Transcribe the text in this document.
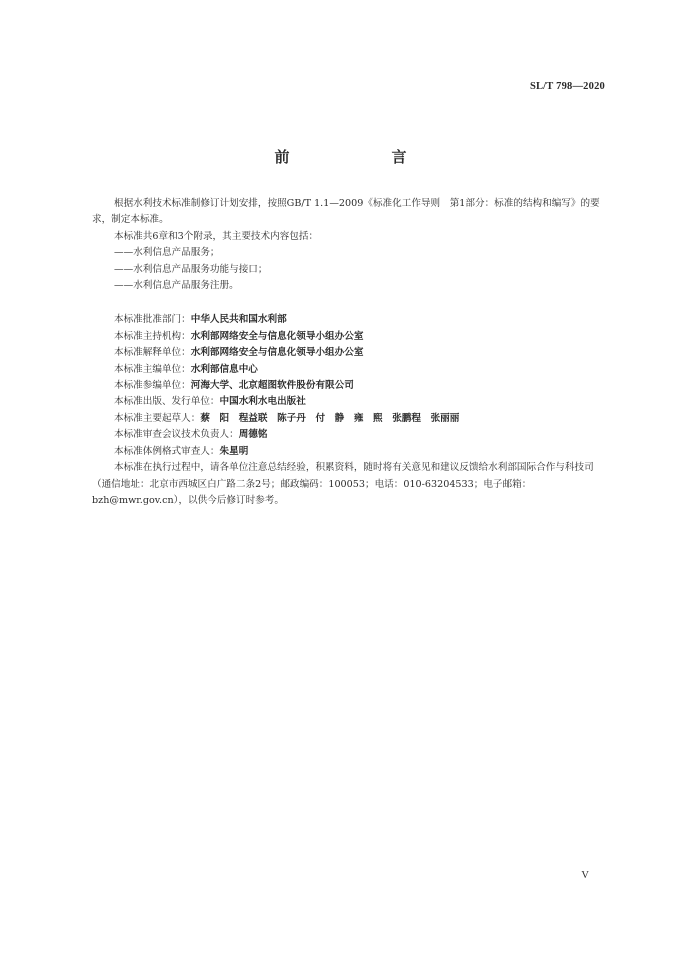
SL/T 798—2020
前　　言

根据水利技术标准制修订计划安排，按照GB/T 1.1—2009《标准化工作导则　第1部分：标准的结构和编写》的要求，制定本标准。

本标准共6章和3个附录，其主要技术内容包括：

——水利信息产品服务；

——水利信息产品服务功能与接口；

——水利信息产品服务注册。

本标准批准部门：中华人民共和国水利部

本标准主持机构：水利部网络安全与信息化领导小组办公室

本标准解释单位：水利部网络安全与信息化领导小组办公室

本标准主编单位：水利部信息中心

本标准参编单位：河海大学、北京超图软件股份有限公司

本标准出版、发行单位：中国水利水电出版社

本标准主要起草人：蔡　阳　程益联　陈子丹　付　静　雍　熙　张鹏程　张丽丽

本标准审查会议技术负责人：周德铭

本标准体例格式审查人：朱星明

本标准在执行过程中，请各单位注意总结经验，积累资料，随时将有关意见和建议反馈给水利部国际合作与科技司（通信地址：北京市西城区白广路二条2号；邮政编码：100053；电话：010-63204533；电子邮箱：bzh@mwr.gov.cn），以供今后修订时参考。

V
